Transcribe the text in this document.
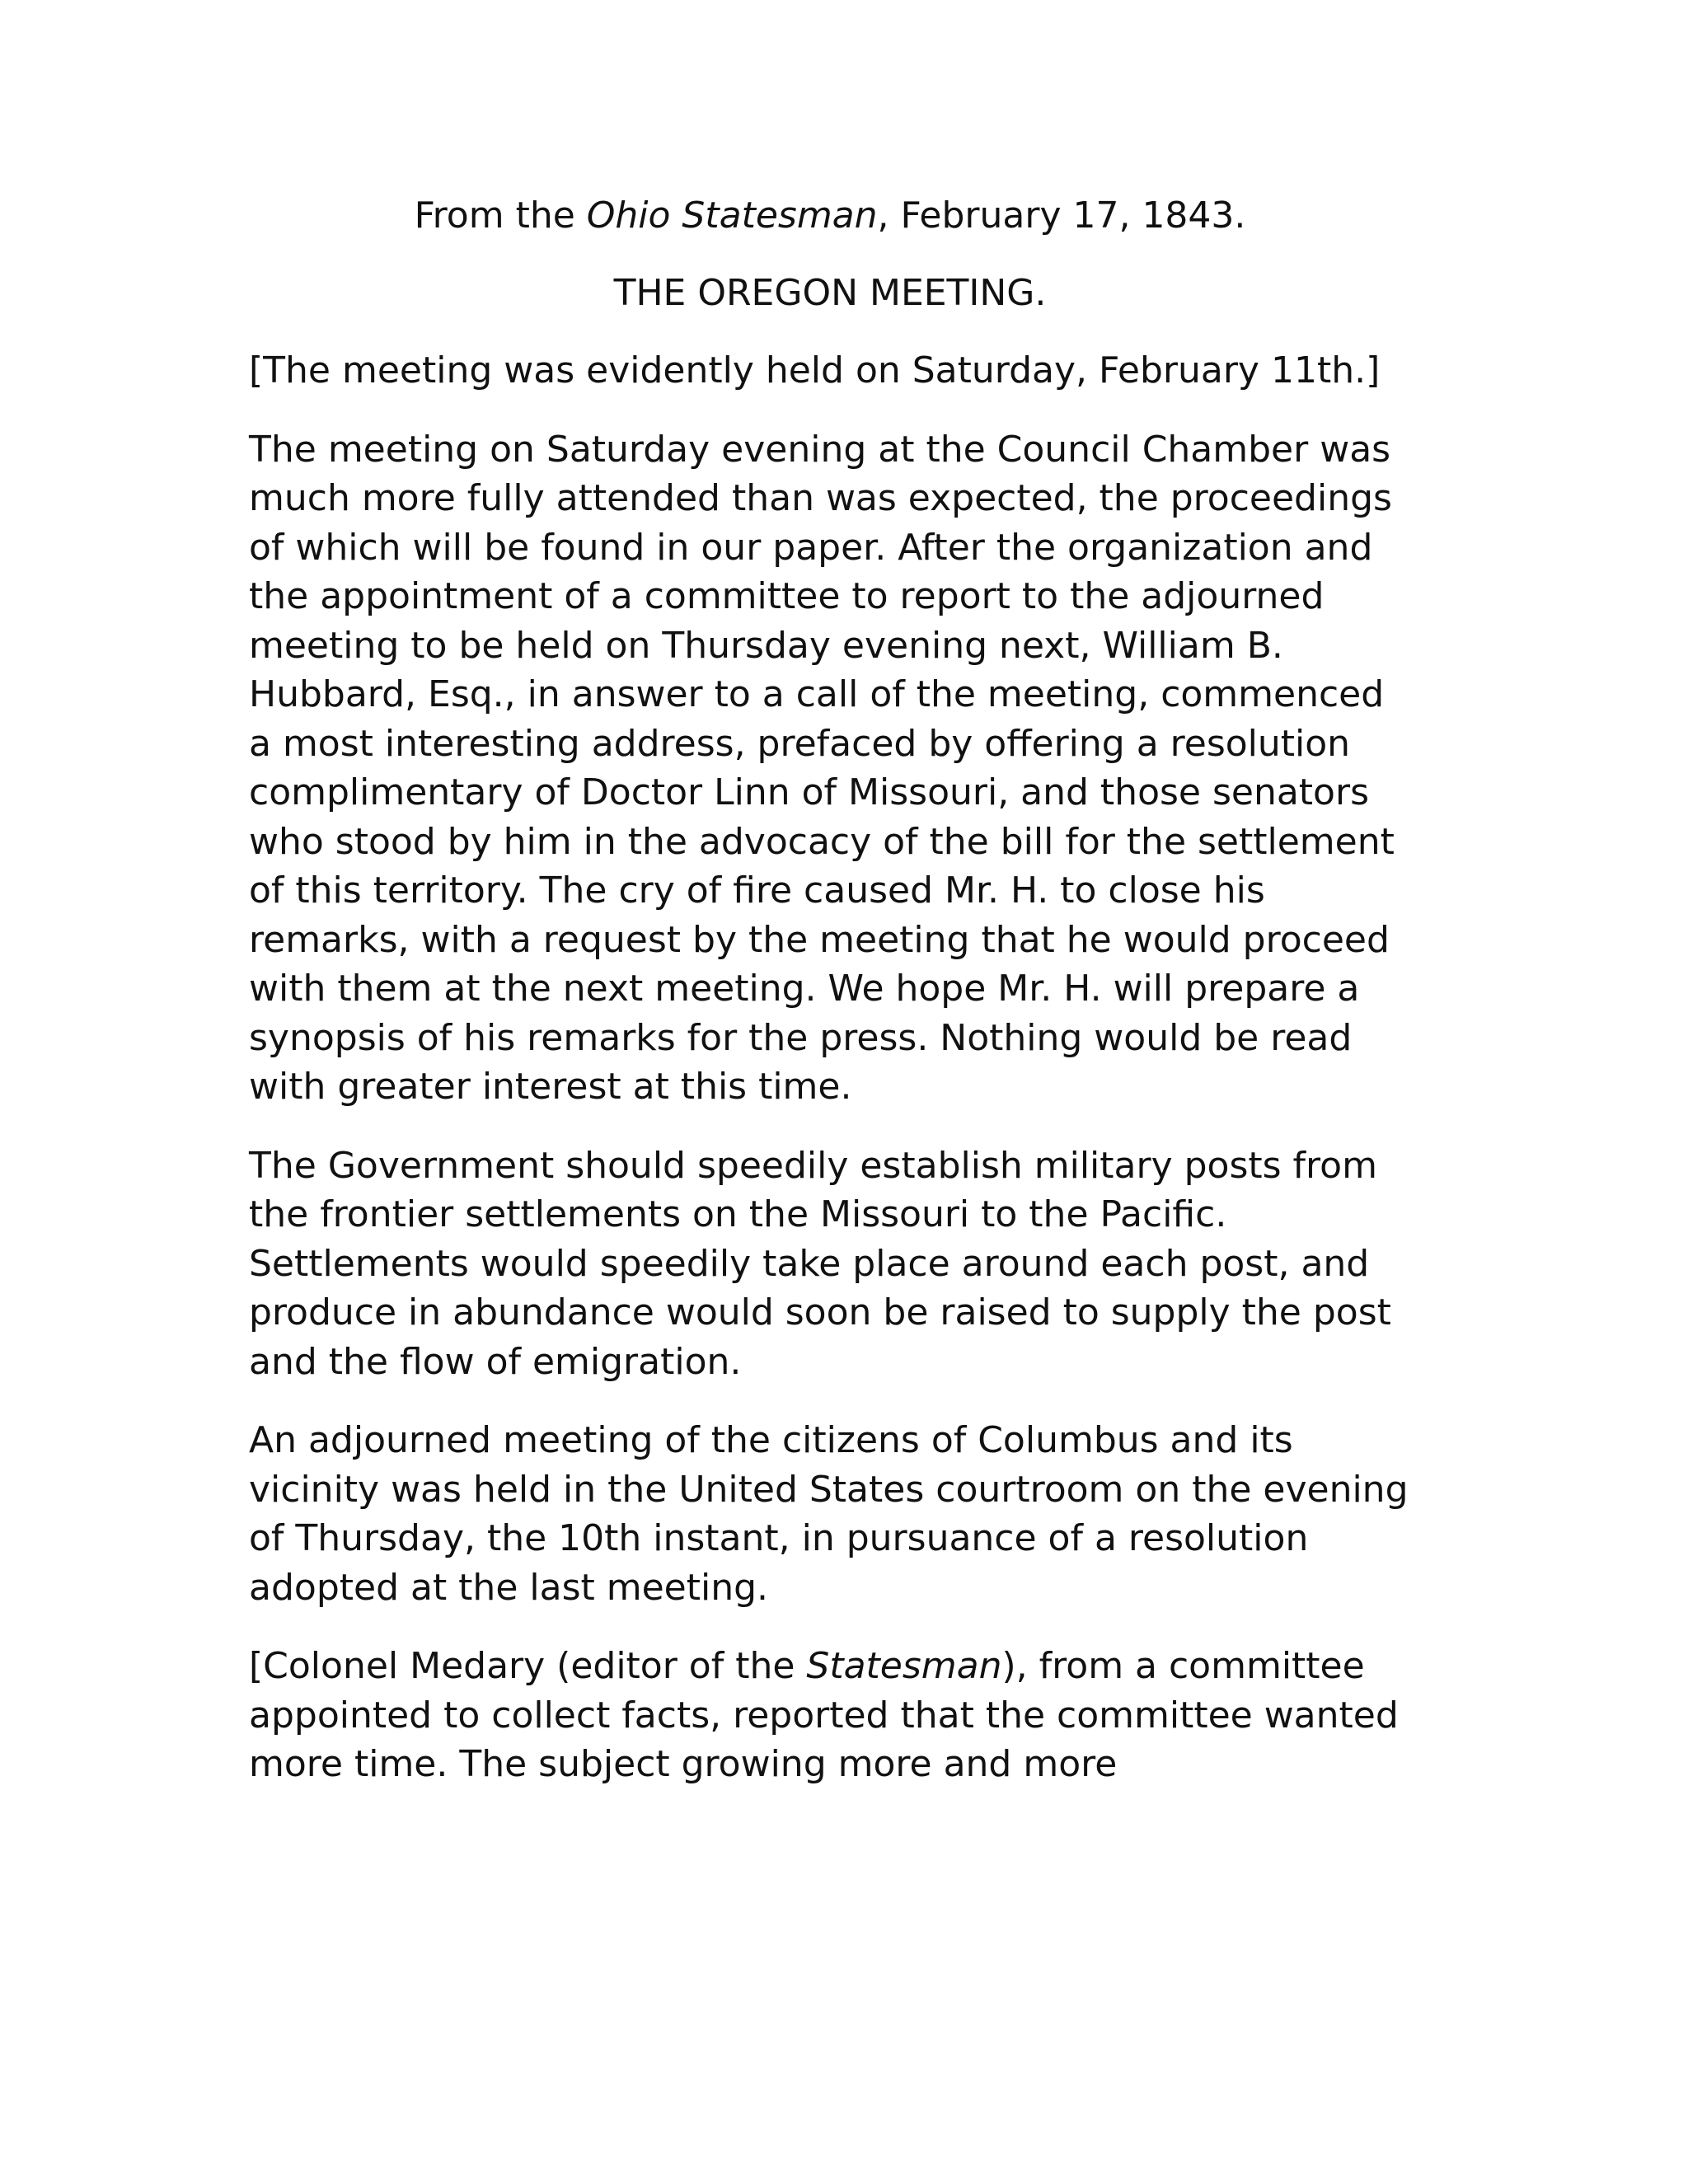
From the Ohio Statesman, February 17, 1843.
THE OREGON MEETING.
[The meeting was evidently held on Saturday, February 11th.]
The meeting on Saturday evening at the Council Chamber was much more fully attended than was expected, the proceedings of which will be found in our paper. After the organization and the appointment of a committee to report to the adjourned meeting to be held on Thursday evening next, William B. Hubbard, Esq., in answer to a call of the meeting, commenced a most interesting address, prefaced by offering a resolution complimentary of Doctor Linn of Missouri, and those senators who stood by him in the advocacy of the bill for the settlement of this territory. The cry of fire caused Mr. H. to close his remarks, with a request by the meeting that he would proceed with them at the next meeting. We hope Mr. H. will prepare a synopsis of his remarks for the press. Nothing would be read with greater interest at this time.
The Government should speedily establish military posts from the frontier settlements on the Missouri to the Pacific. Settlements would speedily take place around each post, and produce in abundance would soon be raised to supply the post and the flow of emigration.
An adjourned meeting of the citizens of Columbus and its vicinity was held in the United States courtroom on the evening of Thursday, the 10th instant, in pursuance of a resolution adopted at the last meeting.
[Colonel Medary (editor of the Statesman), from a committee appointed to collect facts, reported that the committee wanted more time. The subject growing more and more
